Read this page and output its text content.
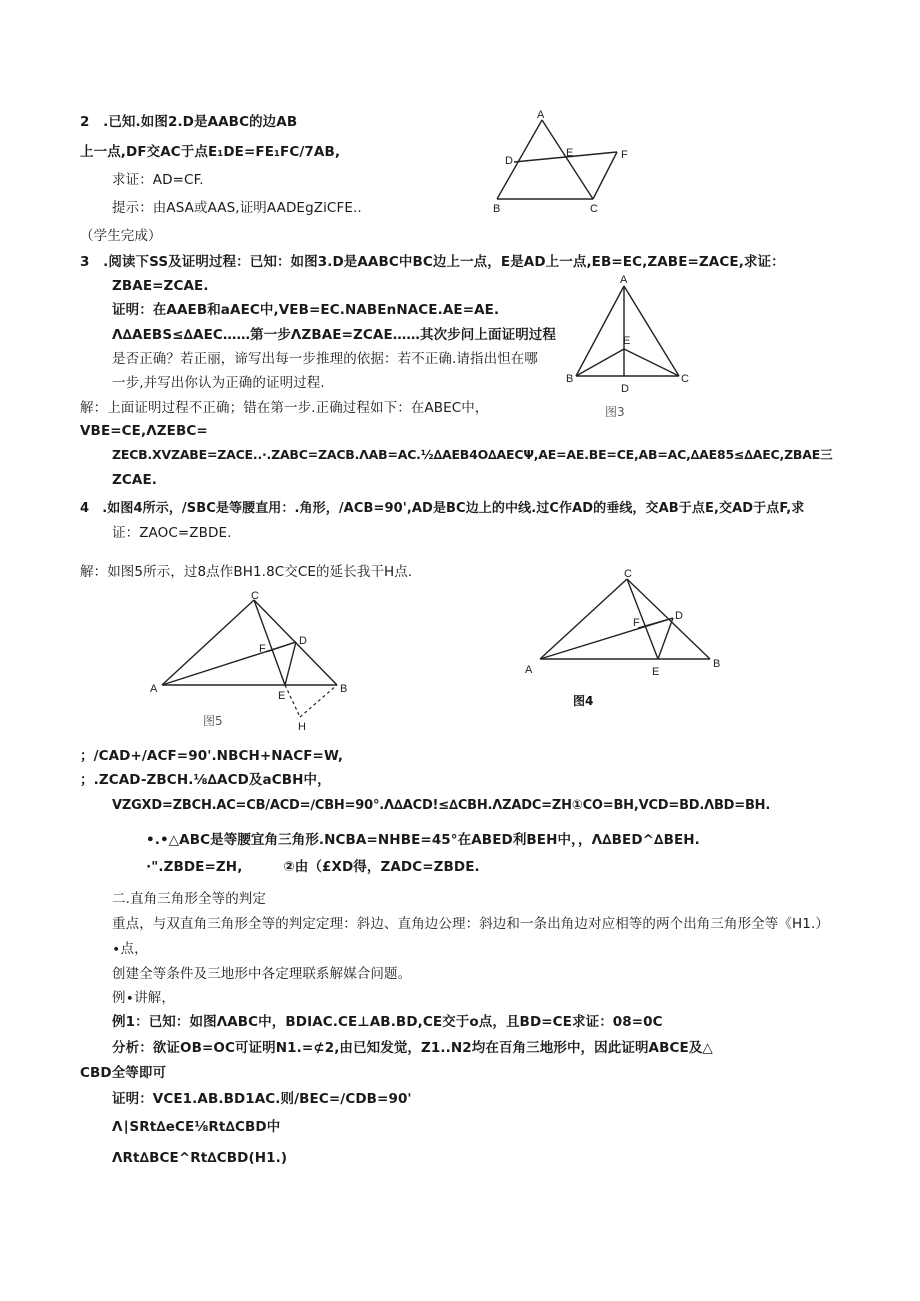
2　.已知.如图2.D是AABC的边AB
上一点,DF交AC于点E₁DE=FE₁FC/7AB,
求证：AD=CF.
提示：由ASA或AAS,证明AADEgZiCFE..
（学生完成）
3　.阅读下SS及证明过程：已知：如图3.D是AABC中BC边上一点，E是AD上一点,EB=EC,ZABE=ZACE,求证：
ZBAE=ZCAE.
证明：在AAEB和aAEC中,VEB=EC.NABEnNACE.AE=AE.
Λ∆AEBS≤∆AEC……第一步ΛZBAE=ZCAE……其次步问上面证明过程
是否正确？若正丽，谛写出每一步推理的依据：若不正确.请指出怛在哪
一步,并写出你认为正确的证明过程.
解：上面证明过程不正确；错在第一步.正确过程如下：在ABEC中，
VBE=CE,ΛZEBC=
ZECB.XVZABE=ZACE..∙.ZABC=ZACB.ΛAB=AC.½∆AEB4O∆AECΨ,AE=AE.BE=CE,AB=AC,∆AE85≤∆AEC,ZBAE三
ZCAE.
4　.如图4所示，/SBC是等腰直用：.角形，/ACB=90',AD是BC边上的中线.过C作AD的垂线，交AB于点E,交AD于点F,求
证：ZAOC=ZBDE.
解：如图5所示，过8点作BH1.8C交CE的延长我干H点.
；/CAD+/ACF=90'.NBCH+NACF=W,
；.ZCAD-ZBCH.⅛∆ACD及aCBH中，
VZGXD=ZBCH.AC=CB/ACD=∕CBH=90°.Λ∆ACD!≤∆CBH.ΛZADC=ZH①CO=BH,VCD=BD.ΛBD=BH.
•.•△ABC是等腰宜角三角形.NCBA=NHBE=45°在ABED利BEH中，，Λ∆BED^∆BEH.
∙".ZBDE=ZH,　　　②由（£XD得，ZADC=ZBDE.
二.直角三角形全等的判定
重点，与双直角三角形全等的判定定理：斜边、直角边公理：斜边和一条出角边对应相等的两个出角三角形全等《H1.）
∙点，
创建全等条件及三地形中各定理联系解媒合问题。
例∙讲解，
例1：已知：如图ΛABC中，BDIAC.CE⊥AB.BD,CE交于o点，且BD=CE求证：08=0C
分析：欲证OB=OC可证明N1.=⊄2,由已知发觉，Z1..N2均在百角三地形中，因此证明ABCE及△
CBD全等即可
证明：VCE1.AB.BD1AC.则∕BEC=∕CDB=90'
Λ∣SRt∆eCE⅛Rt∆CBD中
ΛRt∆BCE^Rt∆CBD(H1.)
A
D
E	F
B	C
A
E
B
D
C
图3
C
D
F
A
E
B
H
图5
C
D
F
A	E
B
图4
